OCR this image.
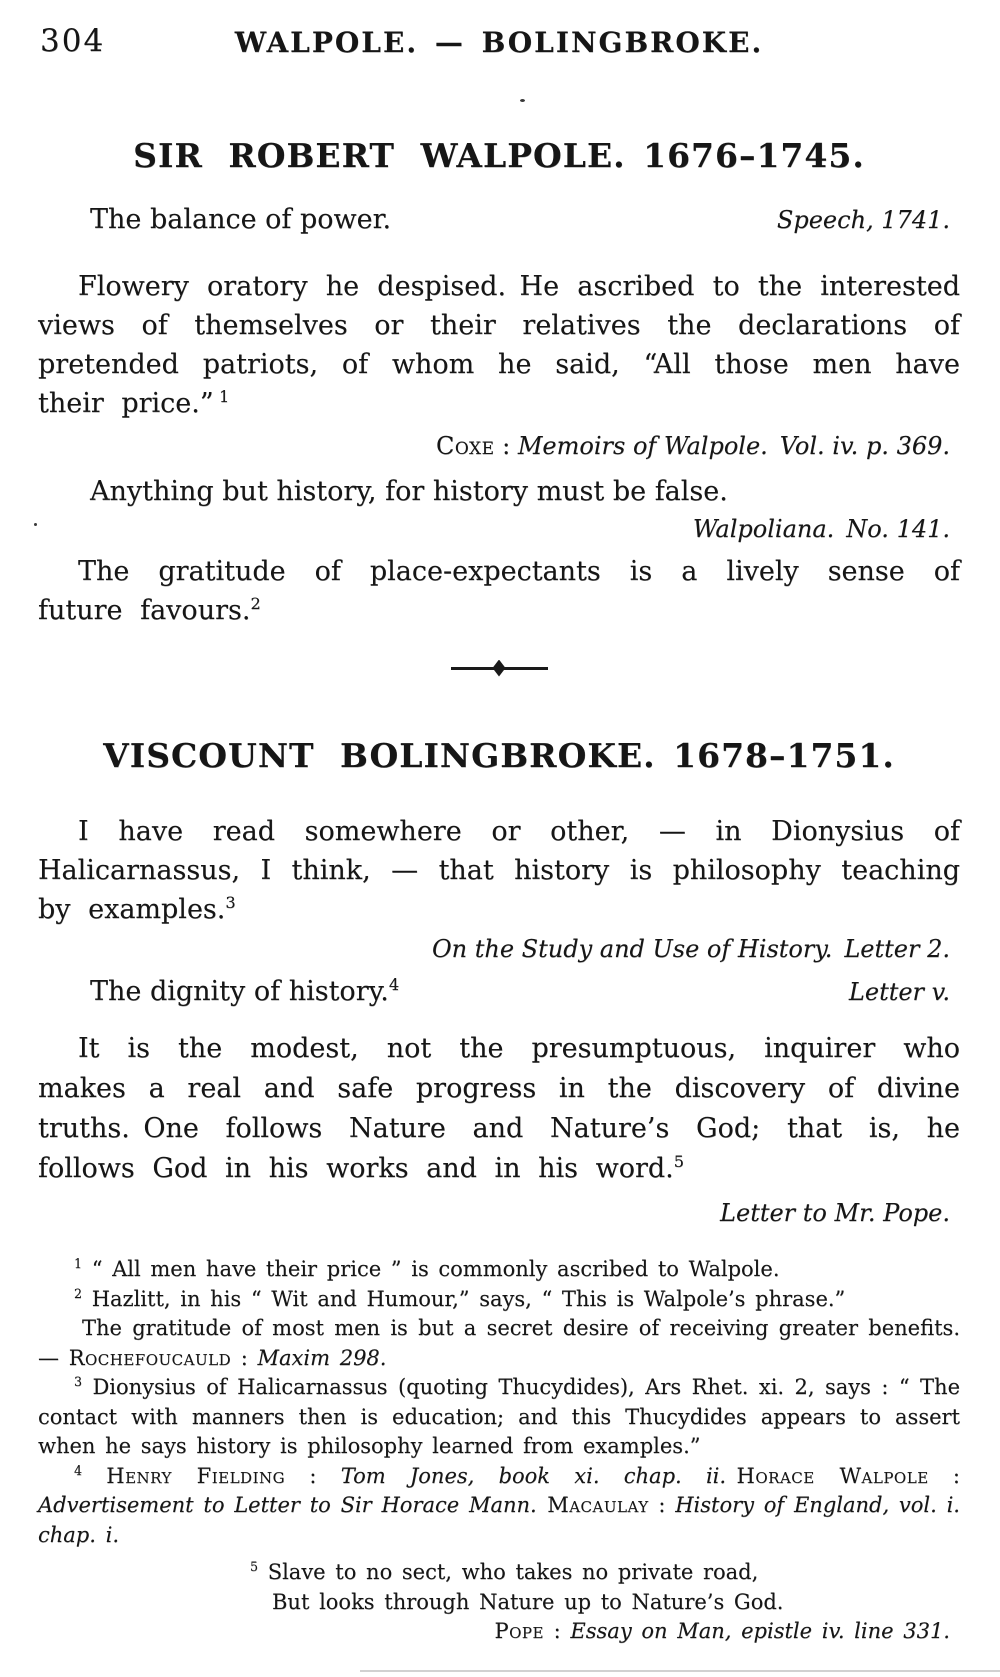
304	WALPOLE. — BOLINGBROKE.
SIR ROBERT WALPOLE. 1676–1745.
The balance of power.	Speech, 1741.

Flowery oratory he despised. He ascribed to the interested views of themselves or their relatives the declarations of pretended patriots, of whom he said, “All those men have their price.” $^1$

Coxe : Memoirs of Walpole. Vol. iv. p. 369.

Anything but history, for history must be false.

Walpoliana. No. 141.

The gratitude of place-expectants is a lively sense of future favours.$^2$

VISCOUNT BOLINGBROKE. 1678–1751.

I have read somewhere or other, — in Dionysius of Halicarnassus, I think, — that history is philosophy teaching by examples.$^3$

On the Study and Use of History. Letter 2.
The dignity of history.$^4$	Letter v.

It is the modest, not the presumptuous, inquirer who makes a real and safe progress in the discovery of divine truths. One follows Nature and Nature’s God; that is, he follows God in his works and in his word.$^5$

Letter to Mr. Pope.

$^1$ “ All men have their price ” is commonly ascribed to Walpole.

$^2$ Hazlitt, in his “ Wit and Humour,” says, “ This is Walpole’s phrase.”

The gratitude of most men is but a secret desire of receiving greater benefits. — Rochefoucauld : Maxim 298.

$^3$ Dionysius of Halicarnassus (quoting Thucydides), Ars Rhet. xi. 2, says : “ The contact with manners then is education; and this Thucydides appears to assert when he says history is philosophy learned from examples.”

$^4$ Henry Fielding : Tom Jones, book xi. chap. ii.  Horace Walpole : Advertisement to Letter to Sir Horace Mann.  Macaulay : History of England, vol. i. chap. i.

$^5$ Slave to no sect, who takes no private road,

But looks through Nature up to Nature’s God.

Pope : Essay on Man, epistle iv. line 331.
